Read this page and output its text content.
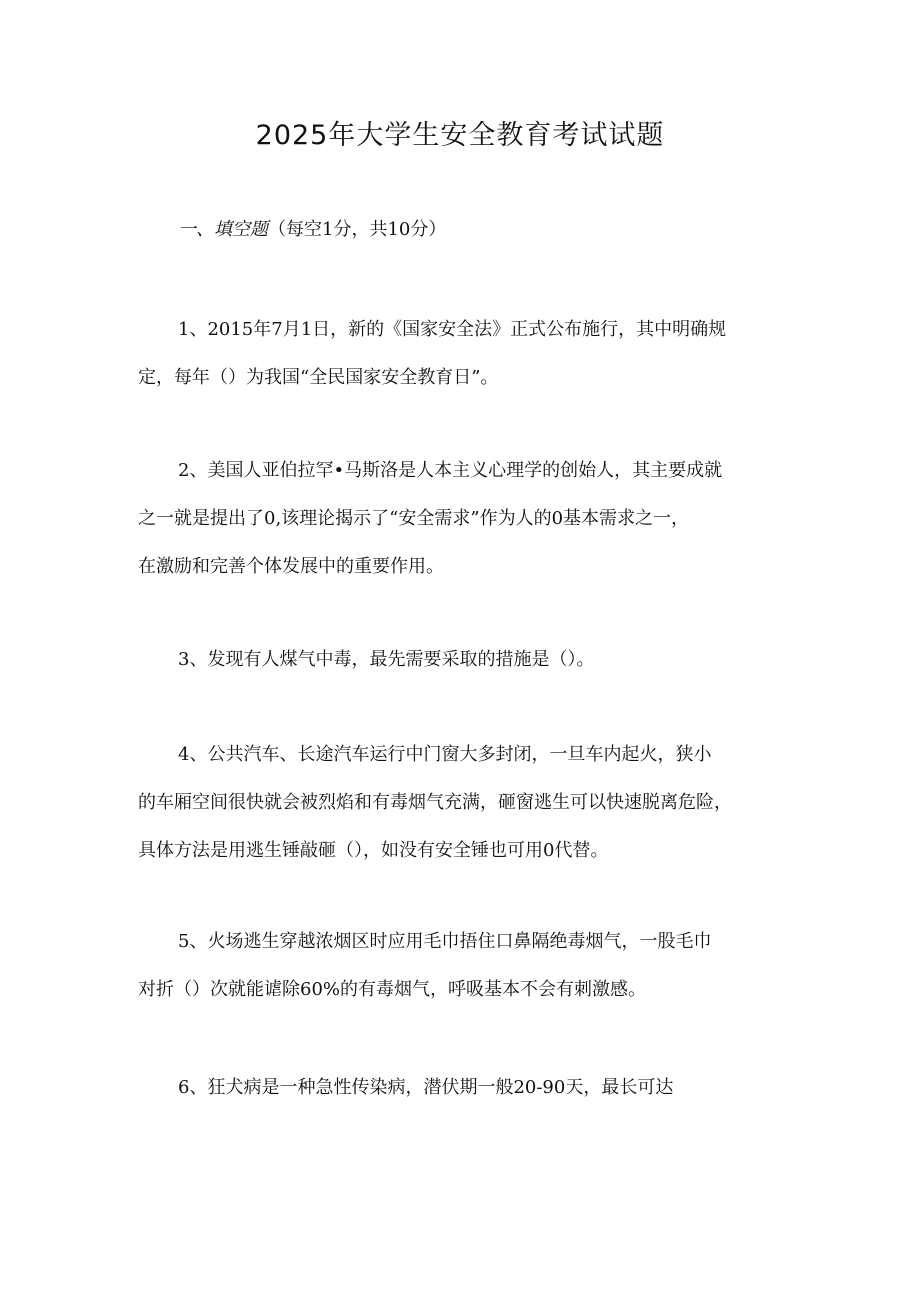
2025年大学生安全教育考试试题
一、填空题（每空1分，共10分）
1、2015年7月1日，新的《国家安全法》正式公布施行，其中明确规
定，每年（）为我国“全民国家安全教育日”。
2、美国人亚伯拉罕•马斯洛是人本主义心理学的创始人，其主要成就
之一就是提出了0,该理论揭示了“安全需求”作为人的0基本需求之一，
在激励和完善个体发展中的重要作用。
3、发现有人煤气中毒，最先需要采取的措施是（）。
4、公共汽车、长途汽车运行中门窗大多封闭，一旦车内起火，狭小
的车厢空间很快就会被烈焰和有毒烟气充满，砸窗逃生可以快速脱离危险，
具体方法是用逃生锤敲砸（），如没有安全锤也可用0代替。
5、火场逃生穿越浓烟区时应用毛巾捂住口鼻隔绝毒烟气，一股毛巾
对折（）次就能谑除60%的有毒烟气，呼吸基本不会有刺激感。
6、狂犬病是一种急性传染病，潜伏期一般20-90天，最长可达
